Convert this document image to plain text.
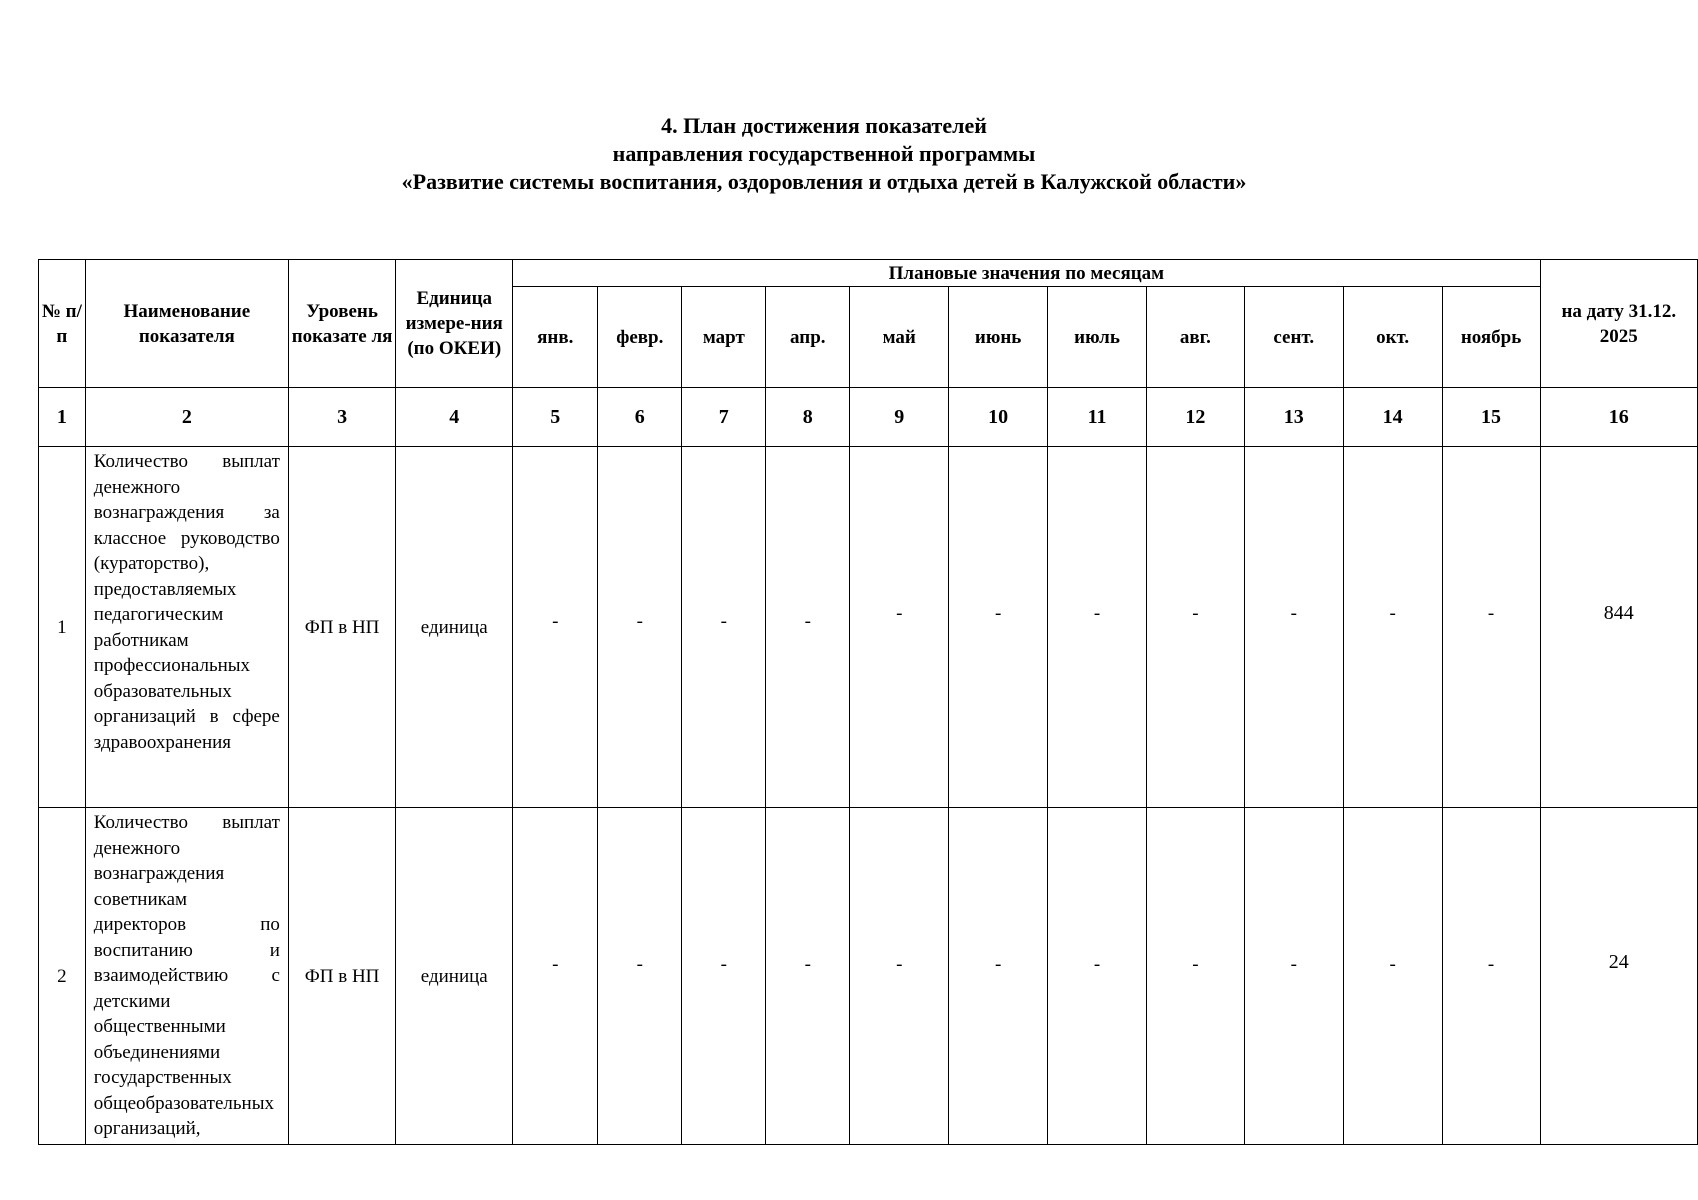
4. План достижения показателей
направления государственной программы
«Развитие системы воспитания, оздоровления и отдыха детей в Калужской области»
№ п/п	Наименование показателя	Уровень показате ля	Единица измере-ния (по ОКЕИ)	Плановые значения по месяцам											на дату 31.12. 2025
				янв.	февр.	март	апр.	май	июнь	июль	авг.	сент.	окт.	ноябрь	
1	2	3	4	5	6	7	8	9	10	11	12	13	14	15	16
1	Количество выплат денежного вознаграждения за классное руководство (кураторство), предоставляемых педагогическим работникам профессиональных образовательных организаций в сфере здравоохранения	ФП в НП	единица	-	-	-	-	-	-	-	-	-	-	-	844
2	Количество выплат денежного вознаграждения советникам директоров по воспитанию и взаимодействию с детскими общественными объединениями государственных общеобразовательных организаций,	ФП в НП	единица	-	-	-	-	-	-	-	-	-	-	-	24
